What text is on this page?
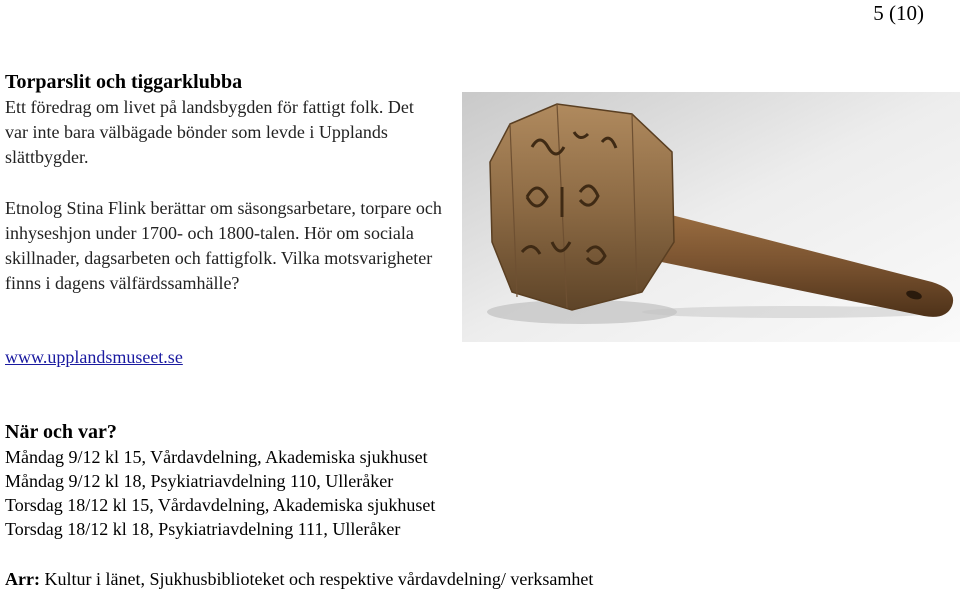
5 (10)
Torparslit och tiggarklubba

Ett föredrag om livet på landsbygden för fattigt folk. Det var inte bara välbägade bönder som levde i Upplands slättbygder.

Etnolog Stina Flink berättar om säsongsarbetare, torpare och inhyseshjon under 1700- och 1800-talen. Hör om sociala skillnader, dagsarbeten och fattigfolk. Vilka motsvarigheter finns i dagens välfärdssamhälle?

www.upplandsmuseet.se
När och var?
Måndag 9/12 kl 15, Vårdavdelning, Akademiska sjukhuset
Måndag 9/12 kl 18, Psykiatriavdelning 110, Ulleråker
Torsdag 18/12 kl 15, Vårdavdelning, Akademiska sjukhuset
Torsdag 18/12 kl 18, Psykiatriavdelning 111, Ulleråker
Arr: Kultur i länet, Sjukhusbiblioteket och respektive vårdavdelning/ verksamhet
